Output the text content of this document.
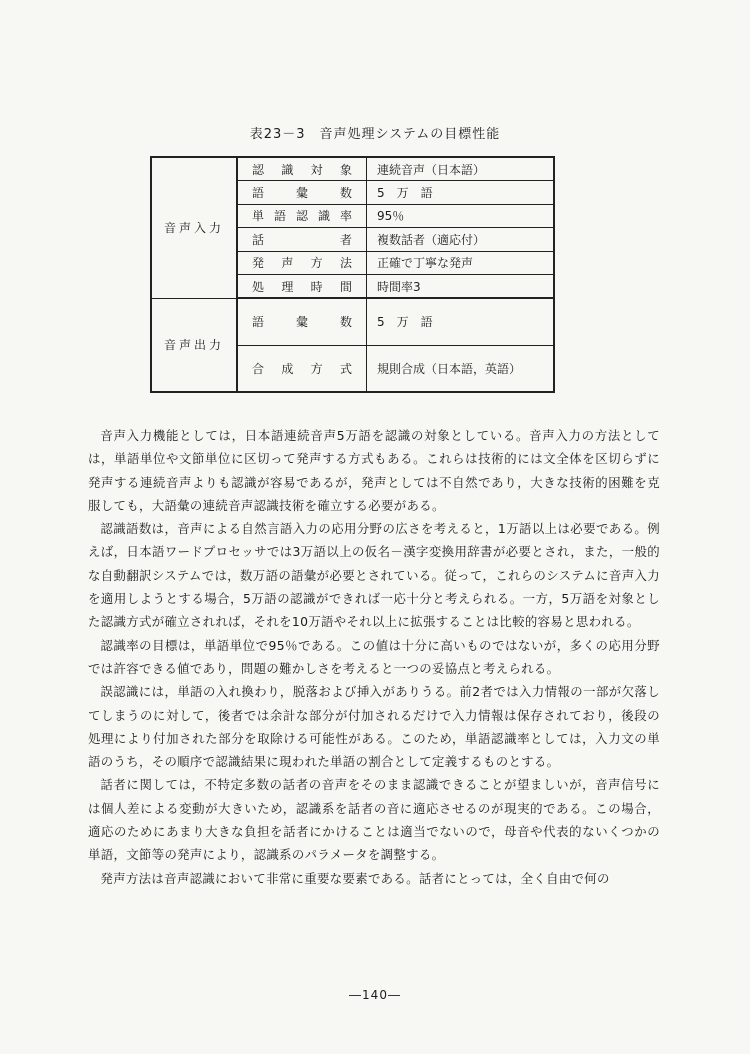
表23－3　音声処理システムの目標性能
音声入力	認識対象	連続音声（日本語）
	語彙数	5　万　語
	単語認識率	95％
	話者	複数話者（適応付）
	発声方法	正確で丁寧な発声
	処理時間	時間率3
音声出力	語彙数	5　万　語
	合成方式	規則合成（日本語，英語）

音声入力機能としては，日本語連続音声5万語を認識の対象としている。音声入力の方法としては，単語単位や文節単位に区切って発声する方式もある。これらは技術的には文全体を区切らずに発声する連続音声よりも認識が容易であるが，発声としては不自然であり，大きな技術的困難を克服しても，大語彙の連続音声認識技術を確立する必要がある。

認識語数は，音声による自然言語入力の応用分野の広さを考えると，1万語以上は必要である。例えば，日本語ワードプロセッサでは3万語以上の仮名－漢字変換用辞書が必要とされ，また，一般的な自動翻訳システムでは，数万語の語彙が必要とされている。従って，これらのシステムに音声入力を適用しようとする場合，5万語の認識ができれば一応十分と考えられる。一方，5万語を対象とした認識方式が確立されれば，それを10万語やそれ以上に拡張することは比較的容易と思われる。

認識率の目標は，単語単位で95％である。この値は十分に高いものではないが，多くの応用分野では許容できる値であり，問題の難かしさを考えると一つの妥協点と考えられる。

誤認識には，単語の入れ換わり，脱落および挿入がありうる。前2者では入力情報の一部が欠落してしまうのに対して，後者では余計な部分が付加されるだけで入力情報は保存されており，後段の処理により付加された部分を取除ける可能性がある。このため，単語認識率としては，入力文の単語のうち，その順序で認識結果に現われた単語の割合として定義するものとする。

話者に関しては，不特定多数の話者の音声をそのまま認識できることが望ましいが，音声信号には個人差による変動が大きいため，認識系を話者の音に適応させるのが現実的である。この場合，適応のためにあまり大きな負担を話者にかけることは適当でないので，母音や代表的ないくつかの単語，文節等の発声により，認識系のパラメータを調整する。

発声方法は音声認識において非常に重要な要素である。話者にとっては，全く自由で何の

―140―
